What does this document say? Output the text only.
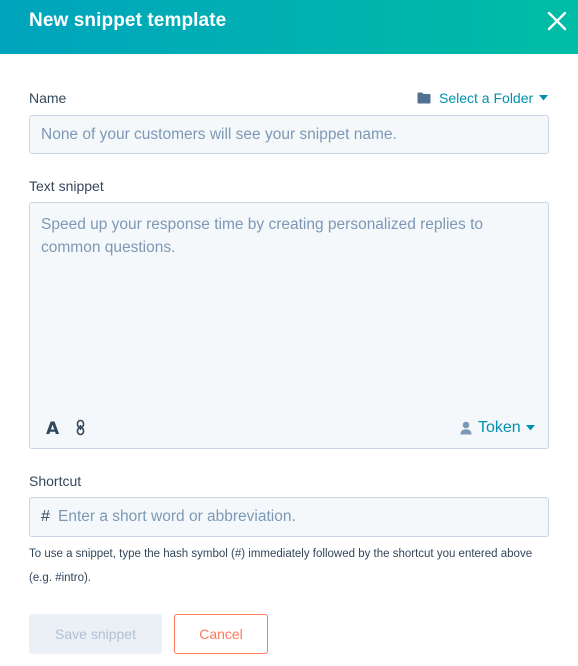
New snippet template
Name	Select a Folder
None of your customers will see your snippet name.
Text snippet
Speed up your response time by creating personalized replies to common questions.
A	Token
Shortcut
# Enter a short word or abbreviation.
To use a snippet, type the hash symbol (#) immediately followed by the shortcut you entered above (e.g. #intro).
Save snippet	Cancel
